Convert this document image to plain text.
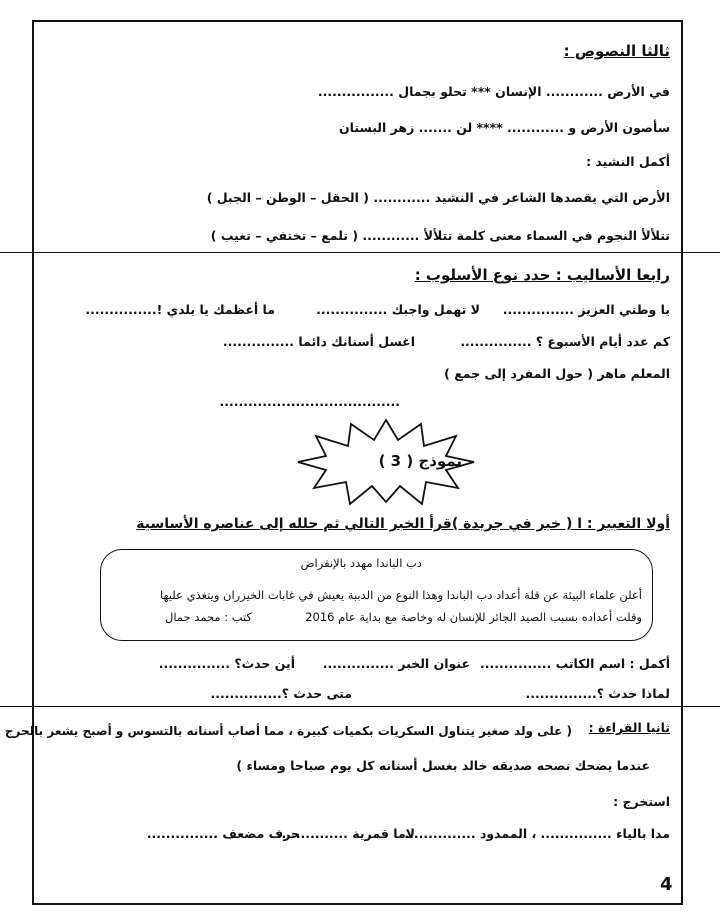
ثالثا النصوص :
في الأرض ............ الإنسان *** تحلو بجمال ................
سأصون الأرض و ............ **** لن ....... زهر البستان
أكمل النشيد :
الأرض التي يقصدها الشاعر في النشيد ............ ( الحقل – الوطن – الجبل )
تتلألأ النجوم في السماء معنى كلمة تتلألأ ............ ( تلمع – تختفي – تغيب )
رابعا الأساليب : حدد نوع الأسلوب :
يا وطني العزيز ...............
لا تهمل واجبك ...............
ما أعظمك يا بلدي !...............
كم عدد أيام الأسبوع ؟ ...............
اغسل أسنانك دائما ...............
المعلم ماهر ( حول المفرد إلى جمع )
......................................
نموذج ( 3 )
أولا التعبير : ا ( خبر في جريدة )قرأ الخبر التالي ثم حلله إلى عناصره الأساسية
دب الباندا مهدد بالإنقراض
أعلن علماء البيئة عن قلة أعداد دب الباندا وهذا النوع من الدببة يعيش في غابات الخيزران ويتغذي عليها
وقلت أعداده بسبب الصيد الجائر للإنسان له وخاصة مع بداية عام 2016
كتب : محمد جمال
أكمل : اسم الكاتب ...............
عنوان الخبر ...............
أين حدث؟ ...............
لماذا حدث ؟...............
متى حدث ؟...............
ثانيا القراءة :
( على ولد صغير يتناول السكريات بكميات كبيرة ، مما أصاب أسنانه بالتسوس و أصبح يشعر بالحرج
عندما يضحك نصحه صديقه خالد بغسل أسنانه كل يوم صباحا ومساء )
استخرج :
مدا بالياء ............... ، الممدود ...............
لاما قمرية ...............
حرف مضعف ...............
4
